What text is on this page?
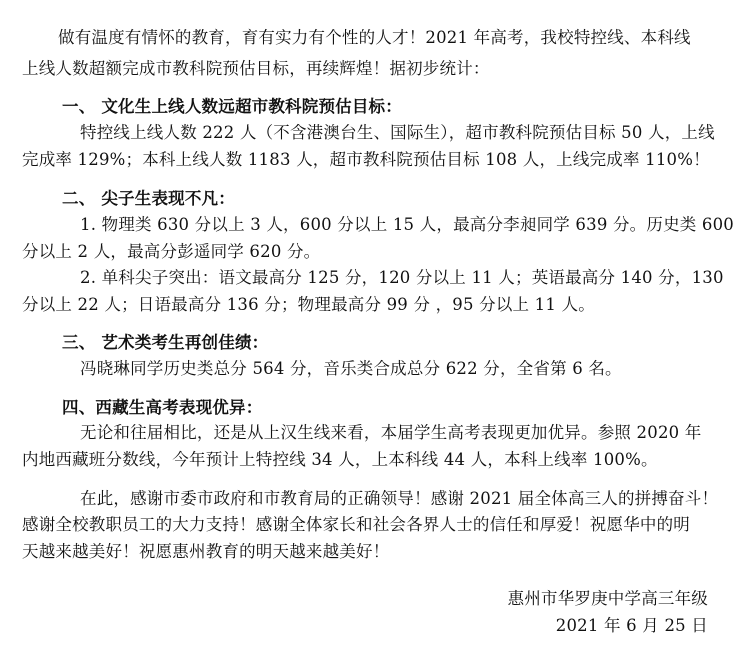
做有温度有情怀的教育，育有实力有个性的人才！2021 年高考，我校特控线、本科线
上线人数超额完成市教科院预估目标，再续辉煌！据初步统计：
一、 文化生上线人数远超市教科院预估目标：
特控线上线人数 222 人（不含港澳台生、国际生），超市教科院预估目标 50 人，上线
完成率 129%；本科上线人数 1183 人，超市教科院预估目标 108 人，上线完成率 110%！
二、 尖子生表现不凡：
1. 物理类 630 分以上 3 人，600 分以上 15 人，最高分李昶同学 639 分。历史类 600
分以上 2 人，最高分彭遥同学 620 分。
2. 单科尖子突出：语文最高分 125 分，120 分以上 11 人；英语最高分 140 分，130
分以上 22 人；日语最高分 136 分；物理最高分 99 分 ，95 分以上 11 人。
三、 艺术类考生再创佳绩：
冯晓琳同学历史类总分 564 分，音乐类合成总分 622 分，全省第 6 名。
四、西藏生高考表现优异：
无论和往届相比，还是从上汉生线来看，本届学生高考表现更加优异。参照 2020 年
内地西藏班分数线，今年预计上特控线 34 人，上本科线 44 人，本科上线率 100%。
在此，感谢市委市政府和市教育局的正确领导！感谢 2021 届全体高三人的拼搏奋斗！
感谢全校教职员工的大力支持！感谢全体家长和社会各界人士的信任和厚爱！祝愿华中的明
天越来越美好！祝愿惠州教育的明天越来越美好！
惠州市华罗庚中学高三年级
2021 年 6 月 25 日
